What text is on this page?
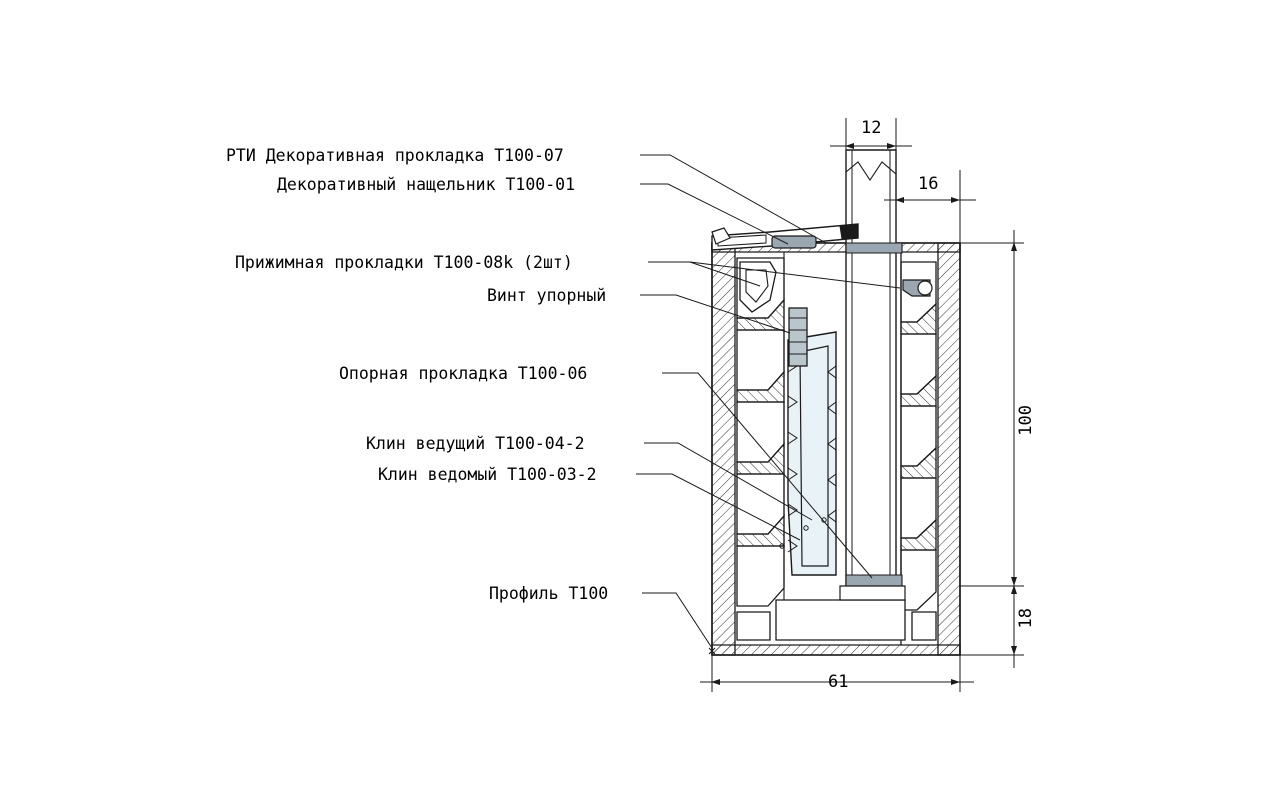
РТИ Декоративная прокладка Т100-07
Декоративный нащельник Т100-01
Прижимная прокладки Т100-08k (2шт)
Винт упорный
Опорная прокладка Т100-06
Клин ведущий Т100-04-2
Клин ведомый Т100-03-2
Профиль Т100
12
16
100
18
61
